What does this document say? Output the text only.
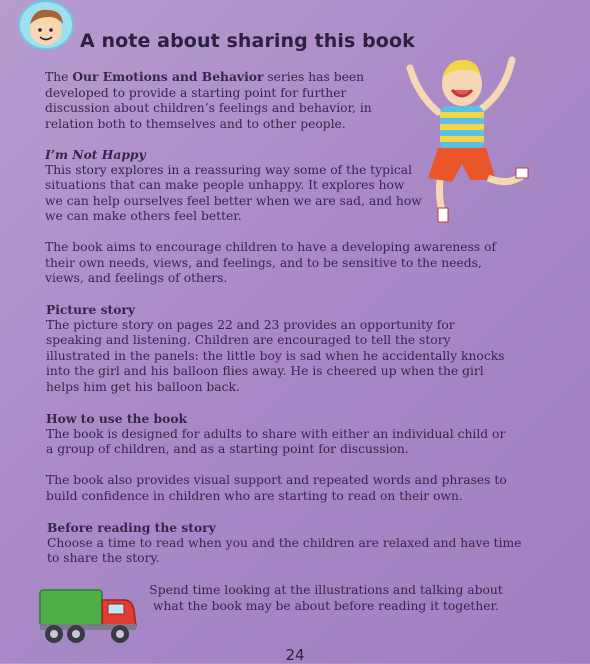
A note about sharing this book
The Our Emotions and Behavior series has been developed to provide a starting point for further discussion about children’s feelings and behavior, in relation both to themselves and to other people.
I’m Not Happy

This story explores in a reassuring way some of the typical situations that can make people unhappy. It explores how we can help ourselves feel better when we are sad, and how we can make others feel better.

The book aims to encourage children to have a developing awareness of their own needs, views, and feelings, and to be sensitive to the needs, views, and feelings of others.

Picture story

The picture story on pages 22 and 23 provides an opportunity for speaking and listening. Children are encouraged to tell the story illustrated in the panels: the little boy is sad when he accidentally knocks into the girl and his balloon flies away. He is cheered up when the girl helps him get his balloon back.

How to use the book

The book is designed for adults to share with either an individual child or a group of children, and as a starting point for discussion.

The book also provides visual support and repeated words and phrases to build confidence in children who are starting to read on their own.

Before reading the story

Choose a time to read when you and the children are relaxed and have time to share the story.

Spend time looking at the illustrations and talking about what the book may be about before reading it together.

24
